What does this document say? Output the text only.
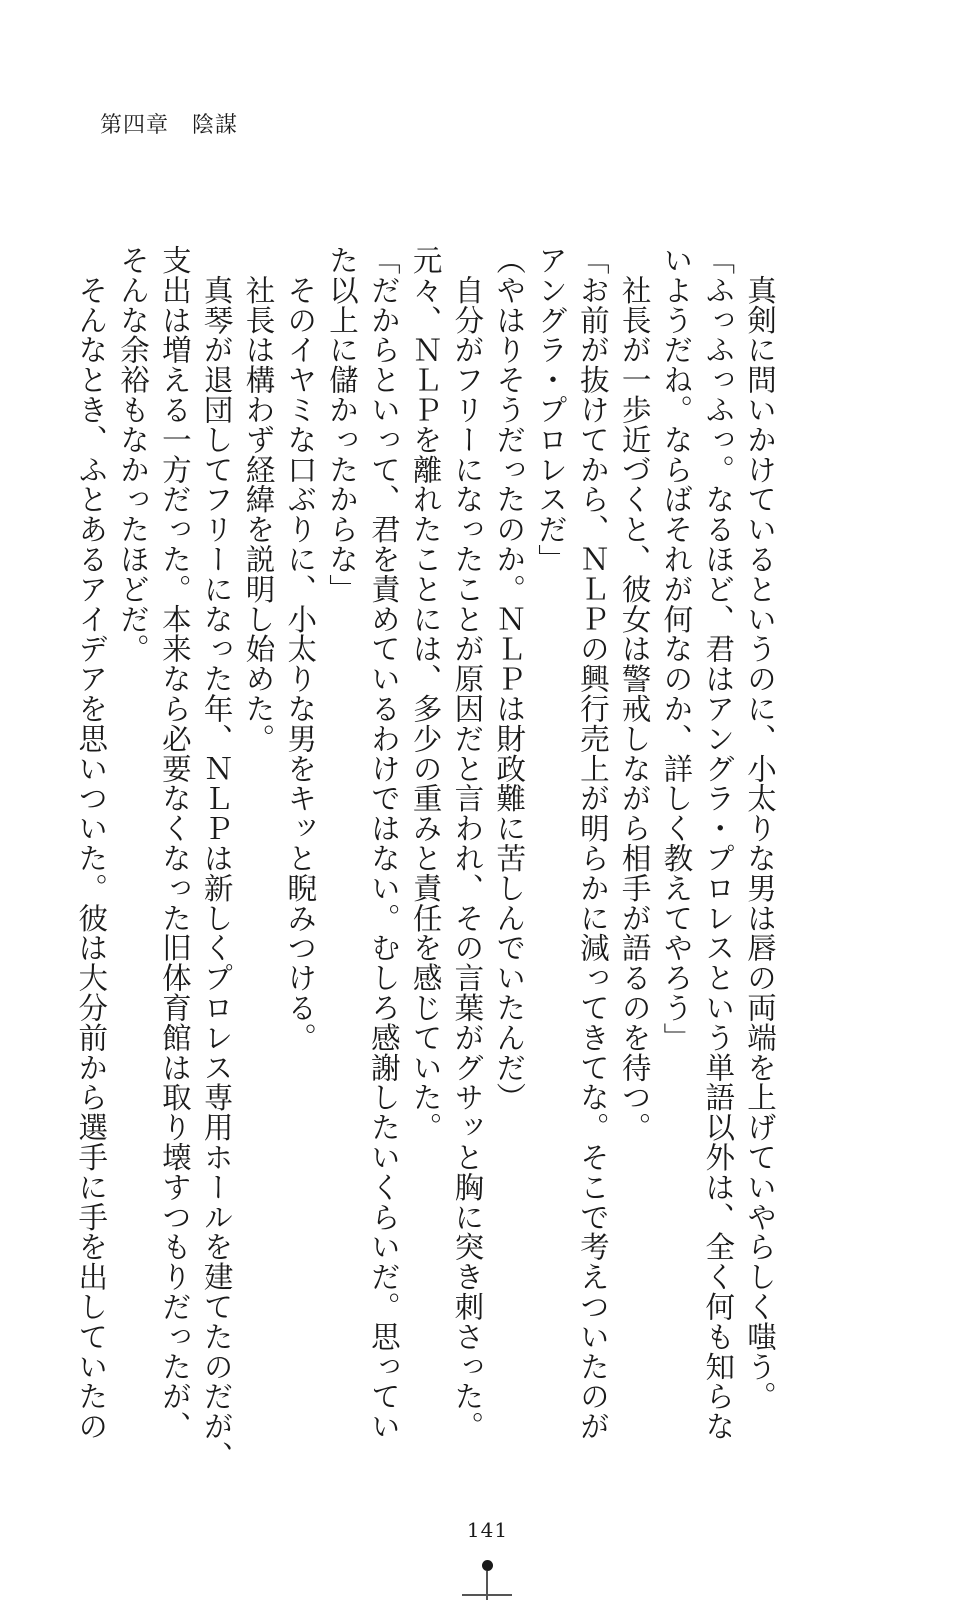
第四章　陰謀

　真剣に問いかけているというのに、小太りな男は唇の両端を上げていやらしく嗤う。

「ふっふっふっ。なるほど、君はアングラ・プロレスという単語以外は、全く何も知らな

いようだね。ならばそれが何なのか、詳しく教えてやろう」

　社長が一歩近づくと、彼女は警戒しながら相手が語るのを待つ。

「お前が抜けてから、ＮＬＰの興行売上が明らかに減ってきてな。そこで考えついたのが

アングラ・プロレスだ」

（やはりそうだったのか。ＮＬＰは財政難に苦しんでいたんだ）

　自分がフリーになったことが原因だと言われ、その言葉がグサッと胸に突き刺さった。

元々、ＮＬＰを離れたことには、多少の重みと責任を感じていた。

「だからといって、君を責めているわけではない。むしろ感謝したいくらいだ。思ってい

た以上に儲かったからな」

　そのイヤミな口ぶりに、小太りな男をキッと睨みつける。

　社長は構わず経緯を説明し始めた。

　真琴が退団してフリーになった年、ＮＬＰは新しくプロレス専用ホールを建てたのだが、

支出は増える一方だった。本来なら必要なくなった旧体育館は取り壊すつもりだったが、

そんな余裕もなかったほどだ。

　そんなとき、ふとあるアイデアを思いついた。彼は大分前から選手に手を出していたの

141
